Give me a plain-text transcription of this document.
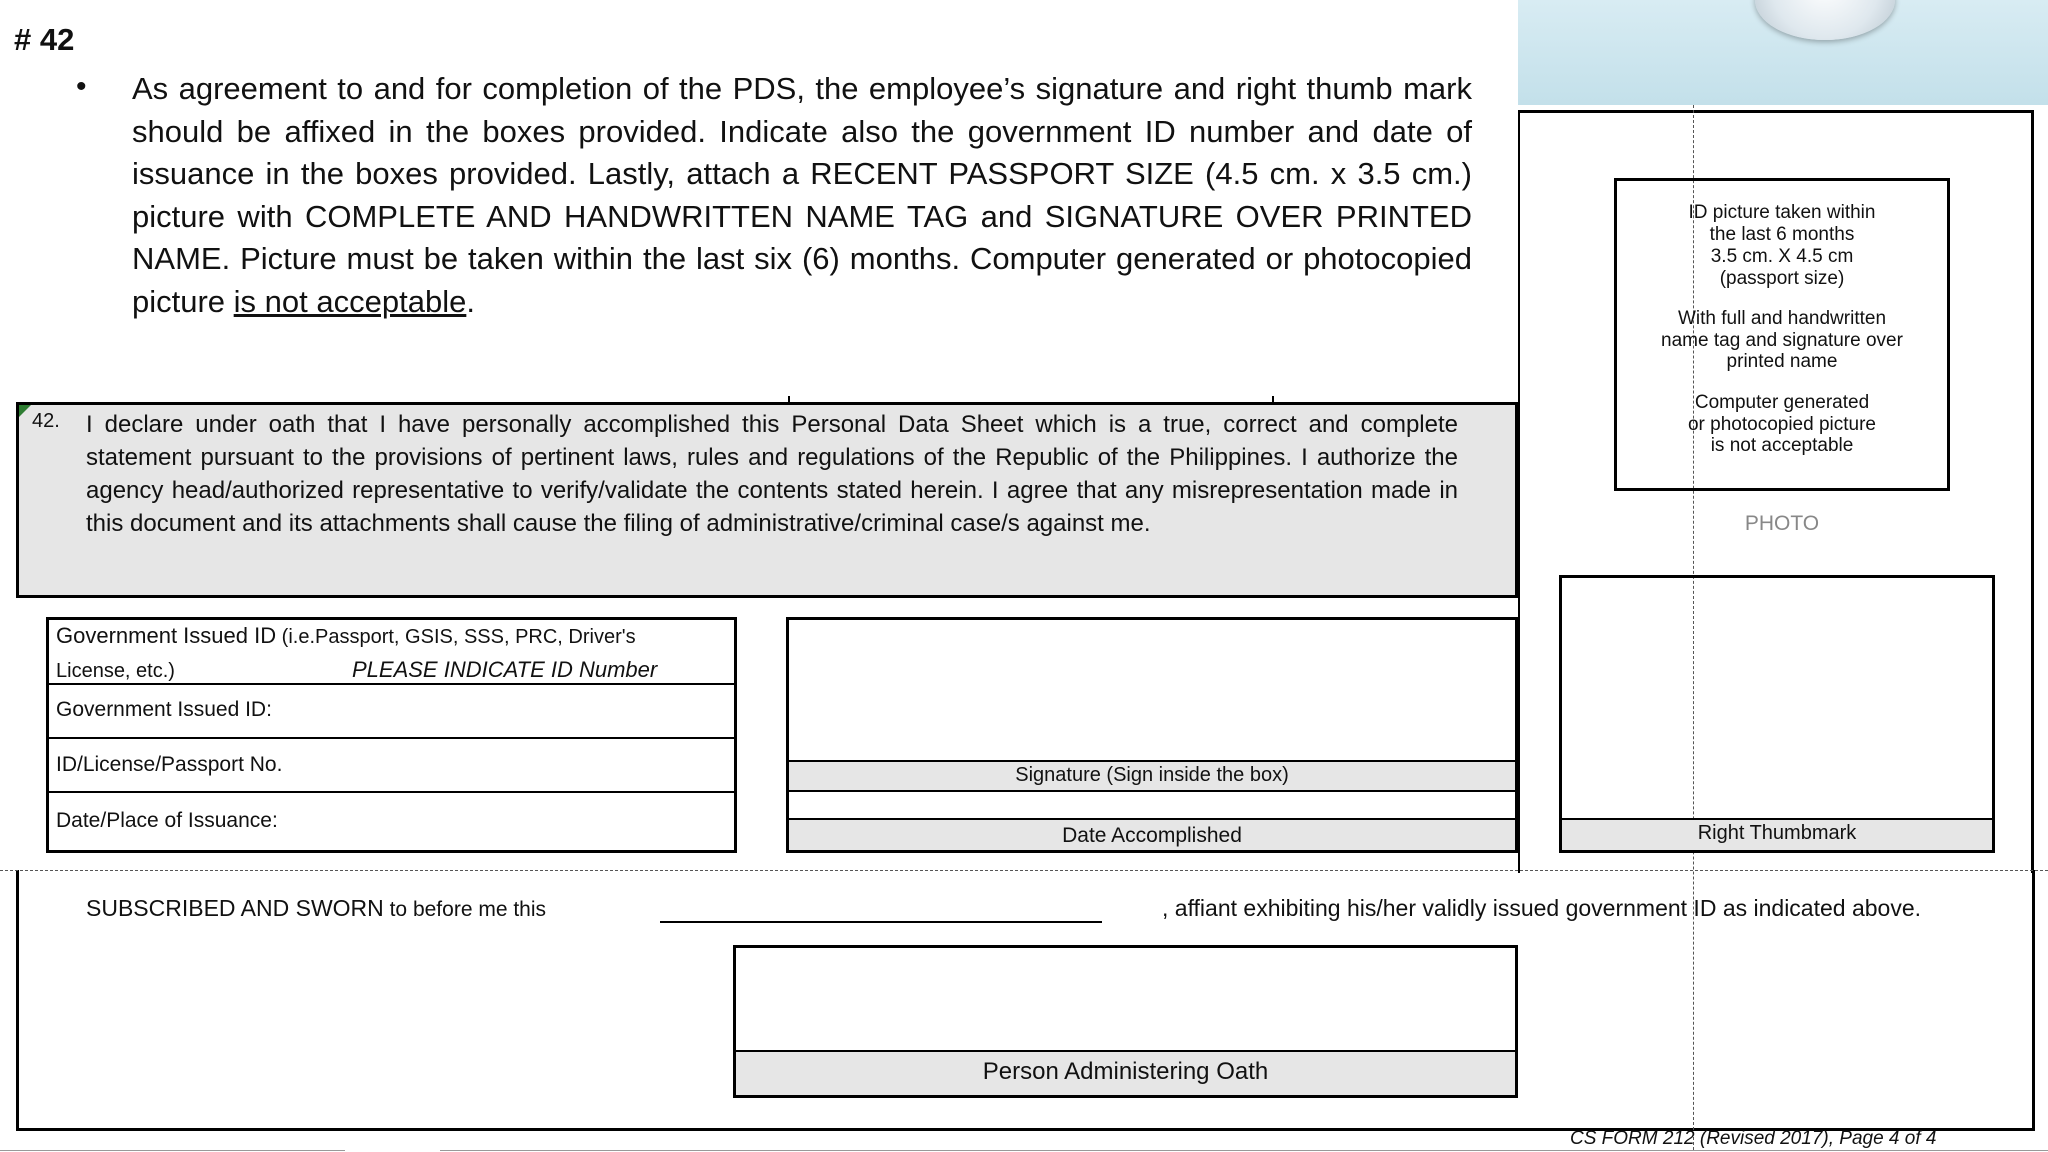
# 42
• As agreement to and for completion of the PDS, the employee’s signature and right thumb mark should be affixed in the boxes provided. Indicate also the government ID number and date of issuance in the boxes provided. Lastly, attach a RECENT PASSPORT SIZE (4.5 cm. x 3.5 cm.) picture with COMPLETE AND HANDWRITTEN NAME TAG and SIGNATURE OVER PRINTED NAME. Picture must be taken within the last six (6) months. Computer generated or photocopied picture is not acceptable.
42. I declare under oath that I have personally accomplished this Personal Data Sheet which is a true, correct and complete statement pursuant to the provisions of pertinent laws, rules and regulations of the Republic of the Philippines. I authorize the agency head/authorized representative to verify/validate the contents stated herein. I agree that any misrepresentation made in this document and its attachments shall cause the filing of administrative/criminal case/s against me.
ID picture taken within
the last 6 months
3.5 cm. X 4.5 cm
(passport size)
With full and handwritten
name tag and signature over
printed name
Computer generated
or photocopied picture
is not acceptable
PHOTO
Government Issued ID (i.e.Passport, GSIS, SSS, PRC, Driver's
License, etc.)	PLEASE INDICATE ID Number
Government Issued ID:
ID/License/Passport No.
Date/Place of Issuance:
Signature (Sign inside the box)
Date Accomplished	Right Thumbmark
SUBSCRIBED AND SWORN to before me this	, affiant exhibiting his/her validly issued government ID as indicated above.
Person Administering Oath
CS FORM 212 (Revised 2017), Page 4 of 4
